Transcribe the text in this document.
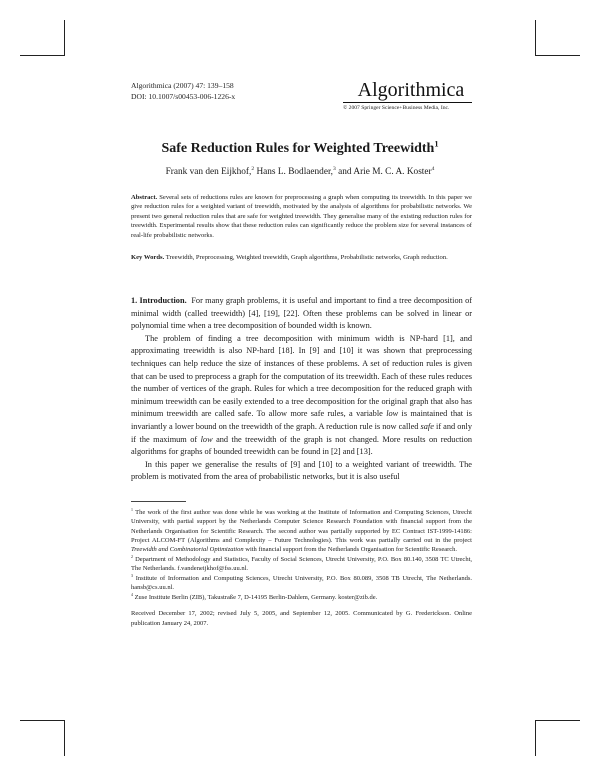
Algorithmica (2007) 47: 139–158
DOI: 10.1007/s00453-006-1226-x	Algorithmica
© 2007 Springer Science+Business Media, Inc.
Safe Reduction Rules for Weighted Treewidth$^1$
Frank van den Eijkhof,$^2$ Hans L. Bodlaender,$^3$ and Arie M. C. A. Koster$^4$
Abstract. Several sets of reductions rules are known for preprocessing a graph when computing its treewidth. In this paper we give reduction rules for a weighted variant of treewidth, motivated by the analysis of algorithms for probabilistic networks. We present two general reduction rules that are safe for weighted treewidth. They generalise many of the existing reduction rules for treewidth. Experimental results show that these reduction rules can significantly reduce the problem size for several instances of real-life probabilistic networks.
Key Words. Treewidth, Preprocessing, Weighted treewidth, Graph algorithms, Probabilistic networks, Graph reduction.

1. Introduction. For many graph problems, it is useful and important to find a tree decomposition of minimal width (called treewidth) [4], [19], [22]. Often these problems can be solved in linear or polynomial time when a tree decomposition of bounded width is known.

The problem of finding a tree decomposition with minimum width is NP-hard [1], and approximating treewidth is also NP-hard [18]. In [9] and [10] it was shown that preprocessing techniques can help reduce the size of instances of these problems. A set of reduction rules is given that can be used to preprocess a graph for the computation of its treewidth. Each of these rules reduces the number of vertices of the graph. Rules for which a tree decomposition for the reduced graph with minimum treewidth can be easily extended to a tree decomposition for the original graph that also has minimum treewidth are called safe. To allow more safe rules, a variable low is maintained that is invariantly a lower bound on the treewidth of the graph. A reduction rule is now called safe if and only if the maximum of low and the treewidth of the graph is not changed. More results on reduction algorithms for graphs of bounded treewidth can be found in [2] and [13].

In this paper we generalise the results of [9] and [10] to a weighted variant of treewidth. The problem is motivated from the area of probabilistic networks, but it is also useful

$^1$ The work of the first author was done while he was working at the Institute of Information and Computing Sciences, Utrecht University, with partial support by the Netherlands Computer Science Research Foundation with financial support from the Netherlands Organisation for Scientific Research. The second author was partially supported by EC Contract IST-1999-14186: Project ALCOM-FT (Algorithms and Complexity – Future Technologies). This work was partially carried out in the project Treewidth and Combinatorial Optimization with financial support from the Netherlands Organisation for Scientific Research.

$^2$ Department of Methodology and Statistics, Faculty of Social Sciences, Utrecht University, P.O. Box 80.140, 3508 TC Utrecht, The Netherlands. f.vandeneijkhof@fss.uu.nl.

$^3$ Institute of Information and Computing Sciences, Utrecht University, P.O. Box 80.089, 3508 TB Utrecht, The Netherlands. hansb@cs.uu.nl.

$^4$ Zuse Institute Berlin (ZIB), Takustraße 7, D-14195 Berlin-Dahlem, Germany. koster@zib.de.

Received December 17, 2002; revised July 5, 2005, and September 12, 2005. Communicated by G. Frederickson. Online publication January 24, 2007.
